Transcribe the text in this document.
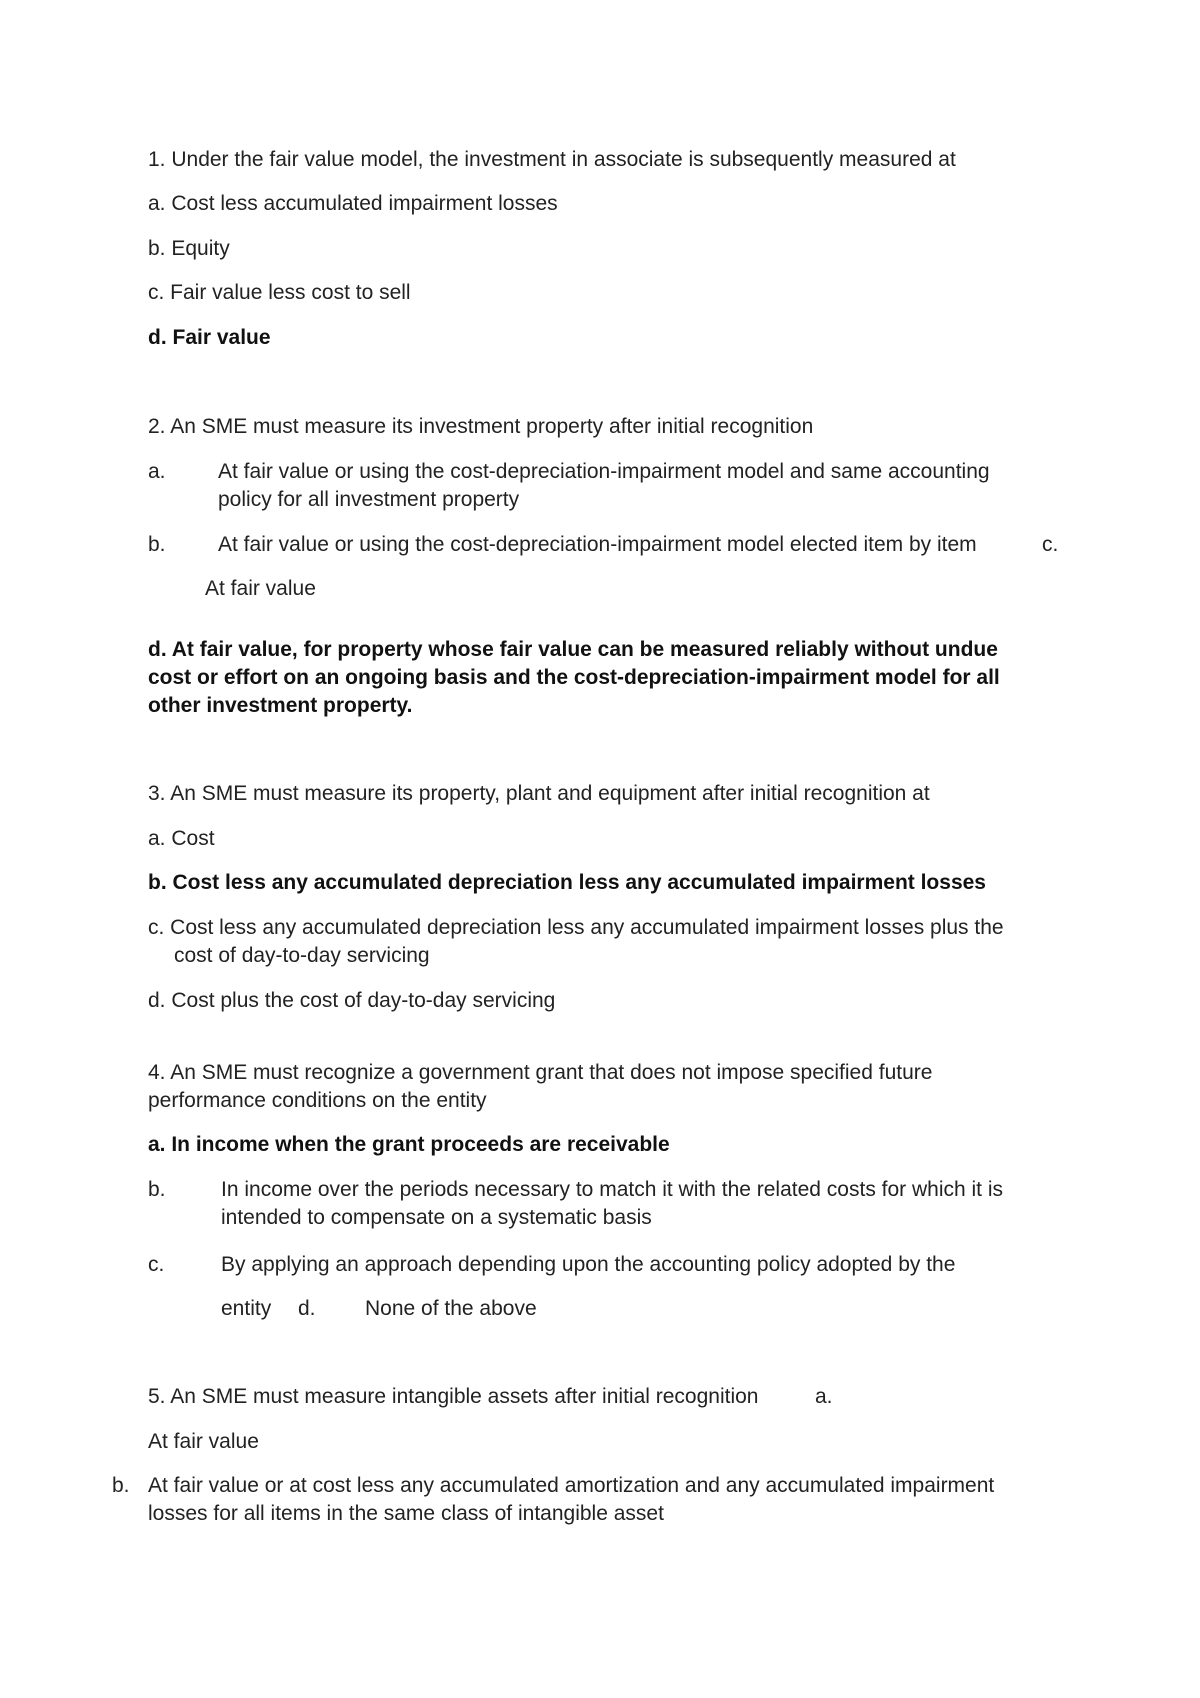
1. Under the fair value model, the investment in associate is subsequently measured at

a. Cost less accumulated impairment losses

b. Equity

c. Fair value less cost to sell

d. Fair value

2. An SME must measure its investment property after initial recognition

a. At fair value or using the cost-depreciation-impairment model and same accounting

policy for all investment property

b. At fair value or using the cost-depreciation-impairment model elected item by item	c.

At fair value

d. At fair value, for property whose fair value can be measured reliably without undue

cost or effort on an ongoing basis and the cost-depreciation-impairment model for all

other investment property.

3. An SME must measure its property, plant and equipment after initial recognition at

a. Cost

b. Cost less any accumulated depreciation less any accumulated impairment losses

c. Cost less any accumulated depreciation less any accumulated impairment losses plus the

cost of day-to-day servicing

d. Cost plus the cost of day-to-day servicing

4. An SME must recognize a government grant that does not impose specified future

performance conditions on the entity

a. In income when the grant proceeds are receivable

b.	In income over the periods necessary to match it with the related costs for which it is

intended to compensate on a systematic basis

c.	By applying an approach depending upon the accounting policy adopted by the

entity d. None of the above

5. An SME must measure intangible assets after initial recognition	a.

At fair value

b. At fair value or at cost less any accumulated amortization and any accumulated impairment

losses for all items in the same class of intangible asset
